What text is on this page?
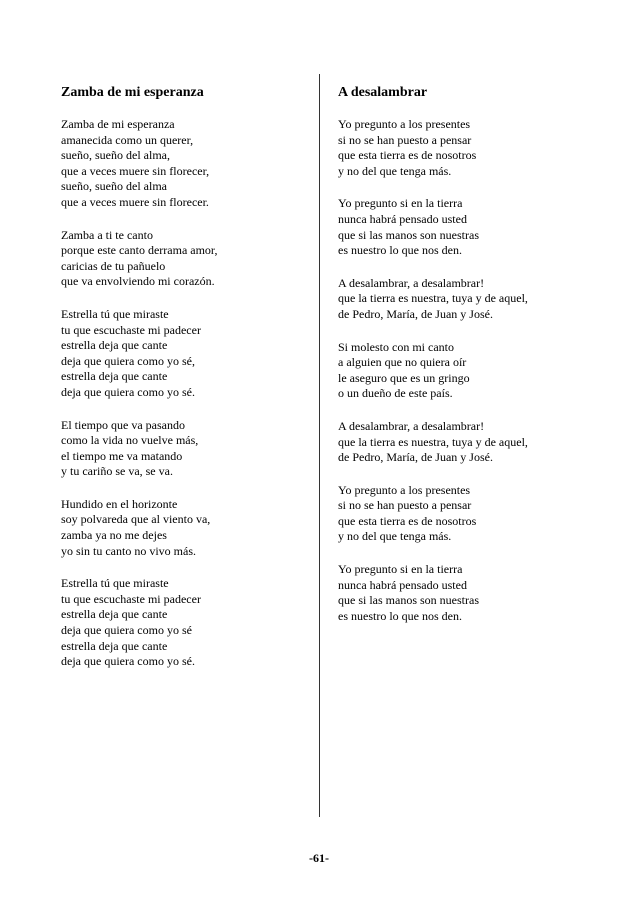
Zamba de mi esperanza
Zamba de mi esperanza
amanecida como un querer,
sueño, sueño del alma,
que a veces muere sin florecer,
sueño, sueño del alma
que a veces muere sin florecer.
Zamba a ti te canto
porque este canto derrama amor,
caricias de tu pañuelo
que va envolviendo mi corazón.
Estrella tú que miraste
tu que escuchaste mi padecer
estrella deja que cante
deja que quiera como yo sé,
estrella deja que cante
deja que quiera como yo sé.
El tiempo que va pasando
como la vida no vuelve más,
el tiempo me va matando
y tu cariño se va, se va.
Hundido en el horizonte
soy polvareda que al viento va,
zamba ya no me dejes
yo sin tu canto no vivo más.
Estrella tú que miraste
tu que escuchaste mi padecer
estrella deja que cante
deja que quiera como yo sé
estrella deja que cante
deja que quiera como yo sé.
A desalambrar
Yo pregunto a los presentes
si no se han puesto a pensar
que esta tierra es de nosotros
y no del que tenga más.
Yo pregunto si en la tierra
nunca habrá pensado usted
que si las manos son nuestras
es nuestro lo que nos den.
A desalambrar, a desalambrar!
que la tierra es nuestra, tuya y de aquel,
de Pedro, María, de Juan y José.
Si molesto con mi canto
a alguien que no quiera oír
le aseguro que es un gringo
o un dueño de este país.
A desalambrar, a desalambrar!
que la tierra es nuestra, tuya y de aquel,
de Pedro, María, de Juan y José.
Yo pregunto a los presentes
si no se han puesto a pensar
que esta tierra es de nosotros
y no del que tenga más.
Yo pregunto si en la tierra
nunca habrá pensado usted
que si las manos son nuestras
es nuestro lo que nos den.
-61-
